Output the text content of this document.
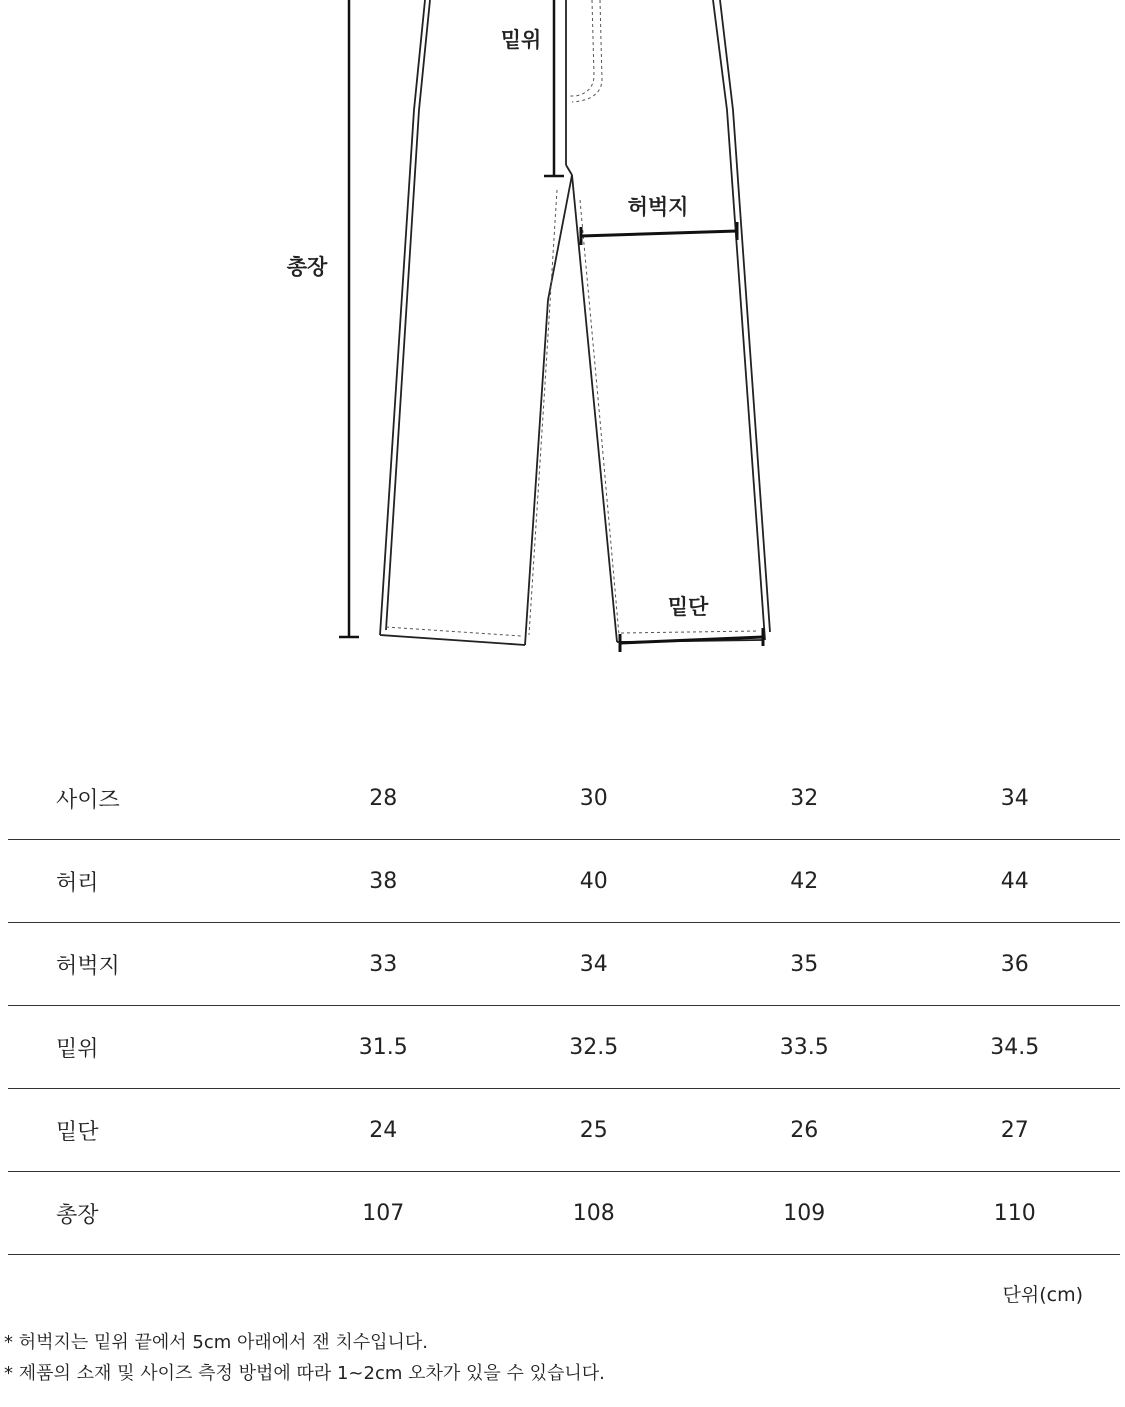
밑위
허벅지
총장
밑단
사이즈	28	30	32	34
허리	38	40	42	44
허벅지	33	34	35	36
밑위	31.5	32.5	33.5	34.5
밑단	24	25	26	27
총장	107	108	109	110
단위(cm)
* 허벅지는 밑위 끝에서 5cm 아래에서 잰 치수입니다.
* 제품의 소재 및 사이즈 측정 방법에 따라 1~2cm 오차가 있을 수 있습니다.
